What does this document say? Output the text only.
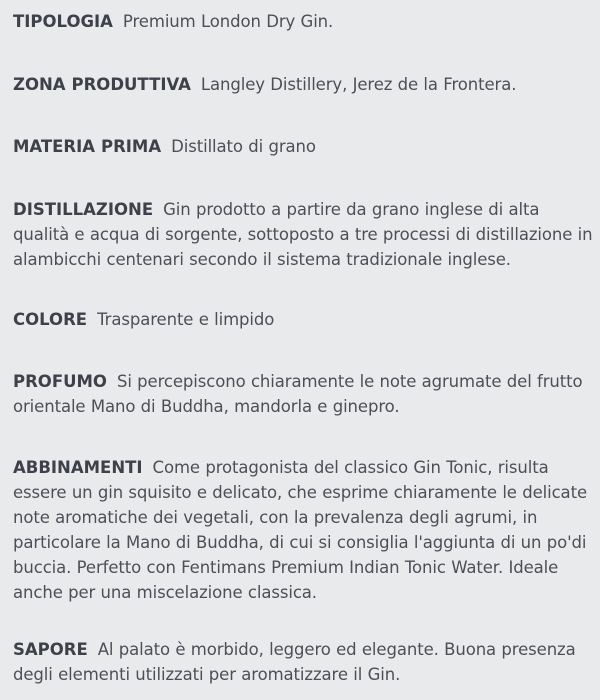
TIPOLOGIA Premium London Dry Gin.

ZONA PRODUTTIVA Langley Distillery, Jerez de la Frontera.

MATERIA PRIMA Distillato di grano

DISTILLAZIONE Gin prodotto a partire da grano inglese di alta qualità e acqua di sorgente, sottoposto a tre processi di distillazione in alambicchi centenari secondo il sistema tradizionale inglese.

COLORE Trasparente e limpido

PROFUMO Si percepiscono chiaramente le note agrumate del frutto orientale Mano di Buddha, mandorla e ginepro.

ABBINAMENTI Come protagonista del classico Gin Tonic, risulta essere un gin squisito e delicato, che esprime chiaramente le delicate note aromatiche dei vegetali, con la prevalenza degli agrumi, in particolare la Mano di Buddha, di cui si consiglia l'aggiunta di un po'di buccia. Perfetto con Fentimans Premium Indian Tonic Water. Ideale anche per una miscelazione classica.

SAPORE Al palato è morbido, leggero ed elegante. Buona presenza degli elementi utilizzati per aromatizzare il Gin.
